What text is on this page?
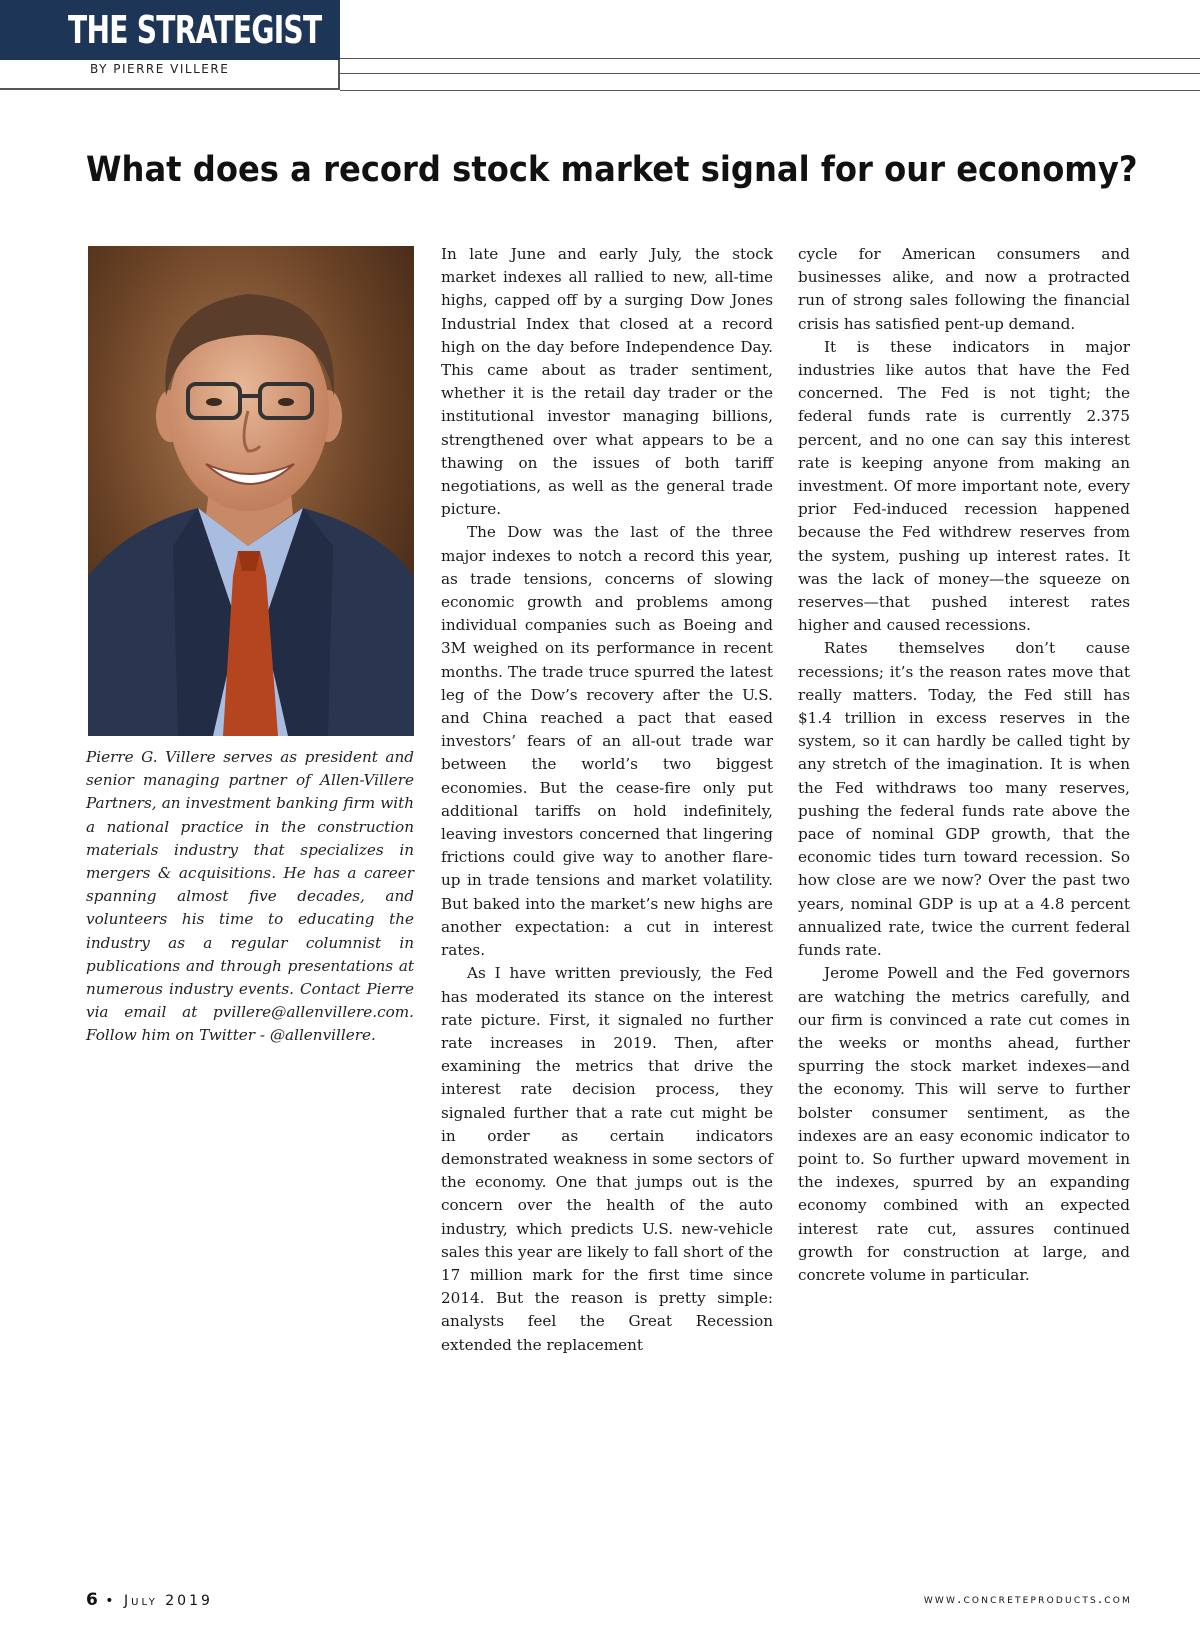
THE STRATEGIST
BY PIERRE VILLERE
What does a record stock market signal for our economy?
Pierre G. Villere serves as president and senior managing partner of Allen-Villere Partners, an investment banking firm with a national practice in the construction materials industry that specializes in mergers & acquisitions. He has a career spanning almost five decades, and volunteers his time to educating the industry as a regular columnist in publications and through presentations at numerous industry events. Contact Pierre via email at pvillere@allenvillere.com. Follow him on Twitter - @allenvillere.

In late June and early July, the stock market indexes all rallied to new, all-time highs, capped off by a surging Dow Jones Industrial Index that closed at a record high on the day before Independence Day. This came about as trader sentiment, whether it is the retail day trader or the institutional investor managing billions, strengthened over what appears to be a thawing on the issues of both tariff negotiations, as well as the general trade picture.

The Dow was the last of the three major indexes to notch a record this year, as trade tensions, concerns of slowing economic growth and problems among individual companies such as Boeing and 3M weighed on its performance in recent months. The trade truce spurred the latest leg of the Dow’s recovery after the U.S. and China reached a pact that eased investors’ fears of an all-out trade war between the world’s two biggest economies. But the cease-fire only put additional tariffs on hold indefinitely, leaving investors concerned that lingering frictions could give way to another flare-up in trade tensions and market volatility. But baked into the market’s new highs are another expectation: a cut in interest rates.

As I have written previously, the Fed has moderated its stance on the interest rate picture. First, it signaled no further rate increases in 2019. Then, after examining the metrics that drive the interest rate decision process, they signaled further that a rate cut might be in order as certain indicators demonstrated weakness in some sectors of the economy. One that jumps out is the concern over the health of the auto industry, which predicts U.S. new-vehicle sales this year are likely to fall short of the 17 million mark for the first time since 2014. But the reason is pretty simple: analysts feel the Great Recession extended the replacement

cycle for American consumers and businesses alike, and now a protracted run of strong sales following the financial crisis has satisfied pent-up demand.

It is these indicators in major industries like autos that have the Fed concerned. The Fed is not tight; the federal funds rate is currently 2.375 percent, and no one can say this interest rate is keeping anyone from making an investment. Of more important note, every prior Fed-induced recession happened because the Fed withdrew reserves from the system, pushing up interest rates. It was the lack of money—the squeeze on reserves—that pushed interest rates higher and caused recessions.

Rates themselves don’t cause recessions; it’s the reason rates move that really matters. Today, the Fed still has $1.4 trillion in excess reserves in the system, so it can hardly be called tight by any stretch of the imagination. It is when the Fed withdraws too many reserves, pushing the federal funds rate above the pace of nominal GDP growth, that the economic tides turn toward recession. So how close are we now? Over the past two years, nominal GDP is up at a 4.8 percent annualized rate, twice the current federal funds rate.

Jerome Powell and the Fed governors are watching the metrics carefully, and our firm is convinced a rate cut comes in the weeks or months ahead, further spurring the stock market indexes—and the economy. This will serve to further bolster consumer sentiment, as the indexes are an easy economic indicator to point to. So further upward movement in the indexes, spurred by an expanding economy combined with an expected interest rate cut, assures continued growth for construction at large, and concrete volume in particular.

6 • July 2019	www.concreteproducts.com
